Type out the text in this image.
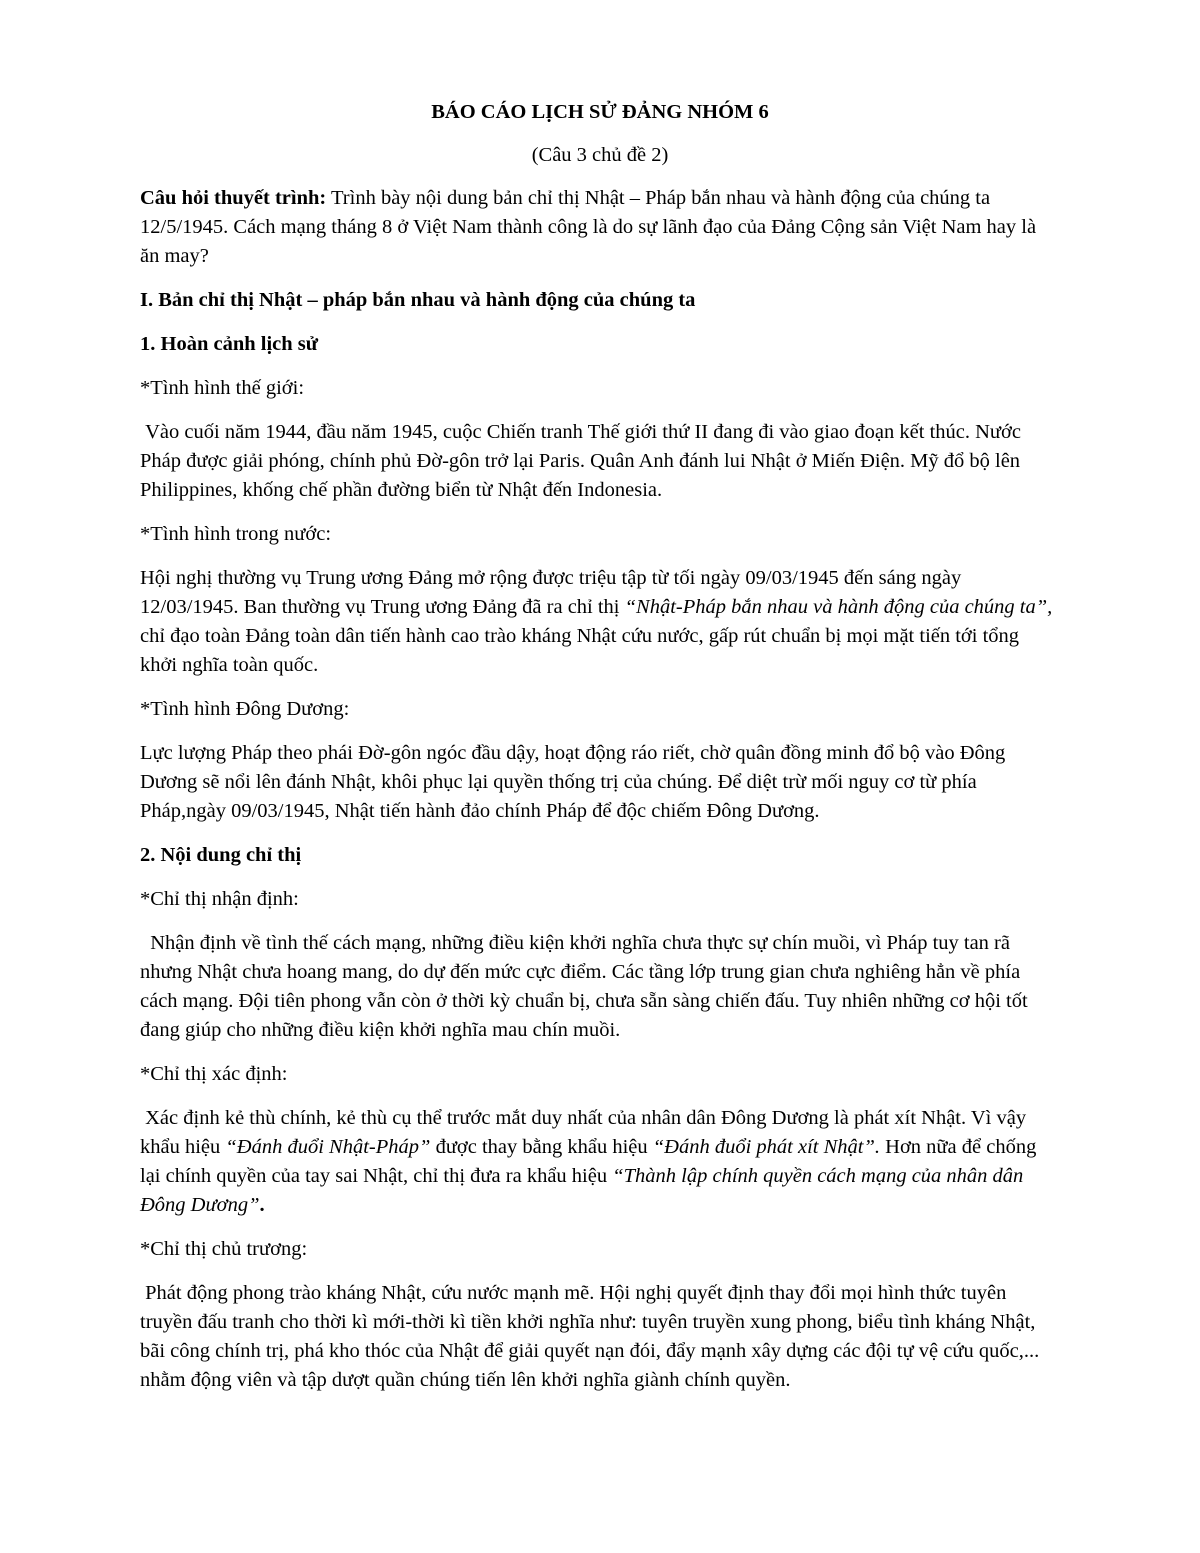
BÁO CÁO LỊCH SỬ ĐẢNG NHÓM 6

(Câu 3 chủ đề 2)

Câu hỏi thuyết trình: Trình bày nội dung bản chỉ thị Nhật – Pháp bắn nhau và hành động của chúng ta 12/5/1945. Cách mạng tháng 8 ở Việt Nam thành công là do sự lãnh đạo của Đảng Cộng sản Việt Nam hay là ăn may?

I. Bản chỉ thị Nhật – pháp bắn nhau và hành động của chúng ta

1. Hoàn cảnh lịch sử

*Tình hình thế giới:

Vào cuối năm 1944, đầu năm 1945, cuộc Chiến tranh Thế giới thứ II đang đi vào giao đoạn kết thúc. Nước Pháp được giải phóng, chính phủ Đờ-gôn trở lại Paris. Quân Anh đánh lui Nhật ở Miến Điện. Mỹ đổ bộ lên Philippines, khống chế phần đường biển từ Nhật đến Indonesia.

*Tình hình trong nước:

Hội nghị thường vụ Trung ương Đảng mở rộng được triệu tập từ tối ngày 09/03/1945 đến sáng ngày 12/03/1945. Ban thường vụ Trung ương Đảng đã ra chỉ thị “Nhật-Pháp bắn nhau và hành động của chúng ta”, chỉ đạo toàn Đảng toàn dân tiến hành cao trào kháng Nhật cứu nước, gấp rút chuẩn bị mọi mặt tiến tới tổng khởi nghĩa toàn quốc.

*Tình hình Đông Dương:

Lực lượng Pháp theo phái Đờ-gôn ngóc đầu dậy, hoạt động ráo riết, chờ quân đồng minh đổ bộ vào Đông Dương sẽ nổi lên đánh Nhật, khôi phục lại quyền thống trị của chúng. Để diệt trừ mối nguy cơ từ phía Pháp,ngày 09/03/1945, Nhật tiến hành đảo chính Pháp để độc chiếm Đông Dương.

2. Nội dung chỉ thị

*Chỉ thị nhận định:

Nhận định về tình thế cách mạng, những điều kiện khởi nghĩa chưa thực sự chín muồi, vì Pháp tuy tan rã nhưng Nhật chưa hoang mang, do dự đến mức cực điểm. Các tầng lớp trung gian chưa nghiêng hẳn về phía cách mạng. Đội tiên phong vẫn còn ở thời kỳ chuẩn bị, chưa sẵn sàng chiến đấu. Tuy nhiên những cơ hội tốt đang giúp cho những điều kiện khởi nghĩa mau chín muồi.

*Chỉ thị xác định:

Xác định kẻ thù chính, kẻ thù cụ thể trước mắt duy nhất của nhân dân Đông Dương là phát xít Nhật. Vì vậy khẩu hiệu “Đánh đuổi Nhật-Pháp” được thay bằng khẩu hiệu “Đánh đuổi phát xít Nhật”. Hơn nữa để chống lại chính quyền của tay sai Nhật, chỉ thị đưa ra khẩu hiệu “Thành lập chính quyền cách mạng của nhân dân Đông Dương”.

*Chỉ thị chủ trương:

Phát động phong trào kháng Nhật, cứu nước mạnh mẽ. Hội nghị quyết định thay đổi mọi hình thức tuyên truyền đấu tranh cho thời kì mới-thời kì tiền khởi nghĩa như: tuyên truyền xung phong, biểu tình kháng Nhật, bãi công chính trị, phá kho thóc của Nhật để giải quyết nạn đói, đẩy mạnh xây dựng các đội tự vệ cứu quốc,... nhằm động viên và tập dượt quần chúng tiến lên khởi nghĩa giành chính quyền.
